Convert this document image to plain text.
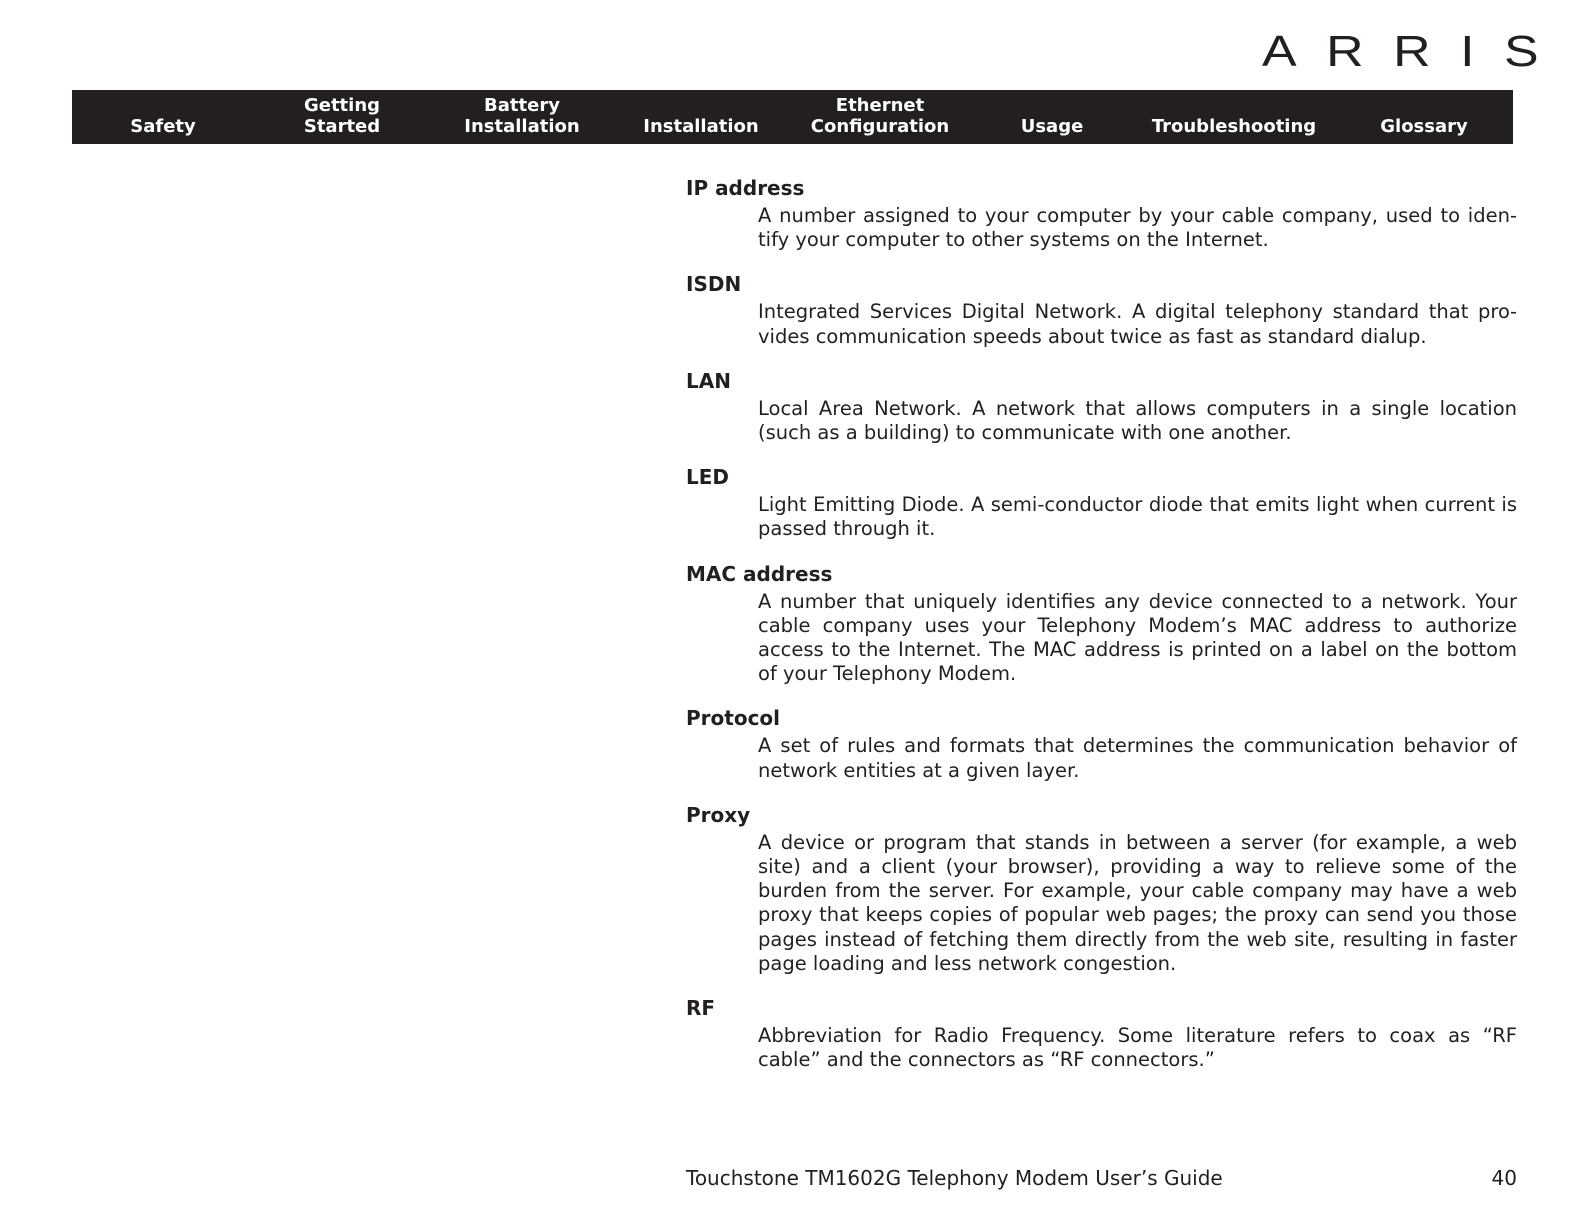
ARRIS
Safety
Getting
Started
Battery
Installation	Installation
Ethernet
Configuration	Usage	Troubleshooting	Glossary
IP address
A number assigned to your computer by your cable company, used to identify your computer to other systems on the Internet.
ISDN
Integrated Services Digital Network. A digital telephony standard that provides communication speeds about twice as fast as standard dialup.
LAN
Local Area Network. A network that allows computers in a single location (such as a building) to communicate with one another.
LED
Light Emitting Diode. A semi-conductor diode that emits light when current is passed through it.
MAC address
A number that uniquely identifies any device connected to a network. Your cable company uses your Telephony Modem’s MAC address to authorize access to the Internet. The MAC address is printed on a label on the bottom of your Telephony Modem.
Protocol
A set of rules and formats that determines the communication behavior of network entities at a given layer.
Proxy
A device or program that stands in between a server (for example, a web site) and a client (your browser), providing a way to relieve some of the burden from the server. For example, your cable company may have a web proxy that keeps copies of popular web pages; the proxy can send you those pages instead of fetching them directly from the web site, resulting in faster page loading and less network congestion.
RF
Abbreviation for Radio Frequency. Some literature refers to coax as “RF cable” and the connectors as “RF connectors.”
Touchstone TM1602G Telephony Modem User’s Guide	40
